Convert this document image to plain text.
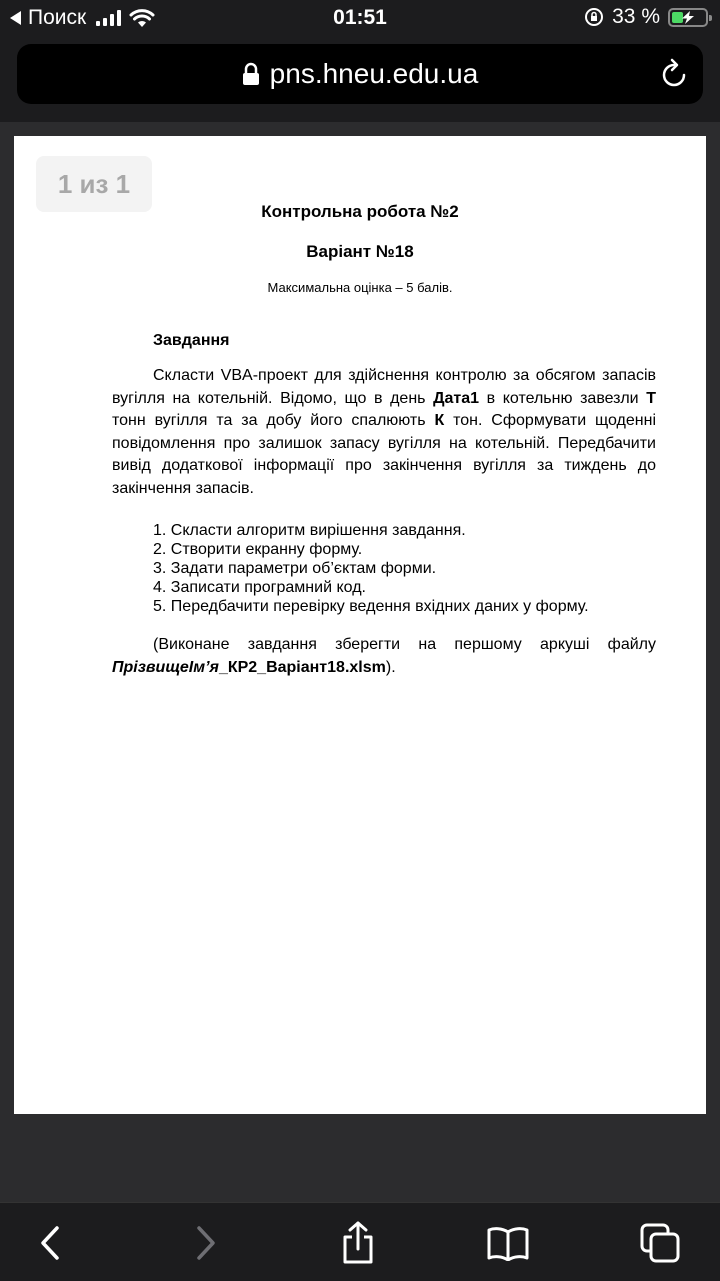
Поиск	01:51	33 %
pns.hneu.edu.ua
1 из 1
Контрольна робота №2
Варіант №18
Максимальна оцінка – 5 балів.
Завдання
Скласти VBA-проект для здійснення контролю за обсягом запасів вугілля на котельній. Відомо, що в день Дата1 в котельню завезли Т тонн вугілля та за добу його спалюють К тон. Сформувати щоденні повідомлення про залишок запасу вугілля на котельній. Передбачити вивід додаткової інформації про закінчення вугілля за тиждень до закінчення запасів.
1. Скласти алгоритм вирішення завдання.
2. Створити екранну форму.
3. Задати параметри об’єктам форми.
4. Записати програмний код.
5. Передбачити перевірку ведення вхідних даних у форму.
(Виконане завдання зберегти на першому аркуші файлу ПрізвищеІм’я_КР2_Варіант18.xlsm).
